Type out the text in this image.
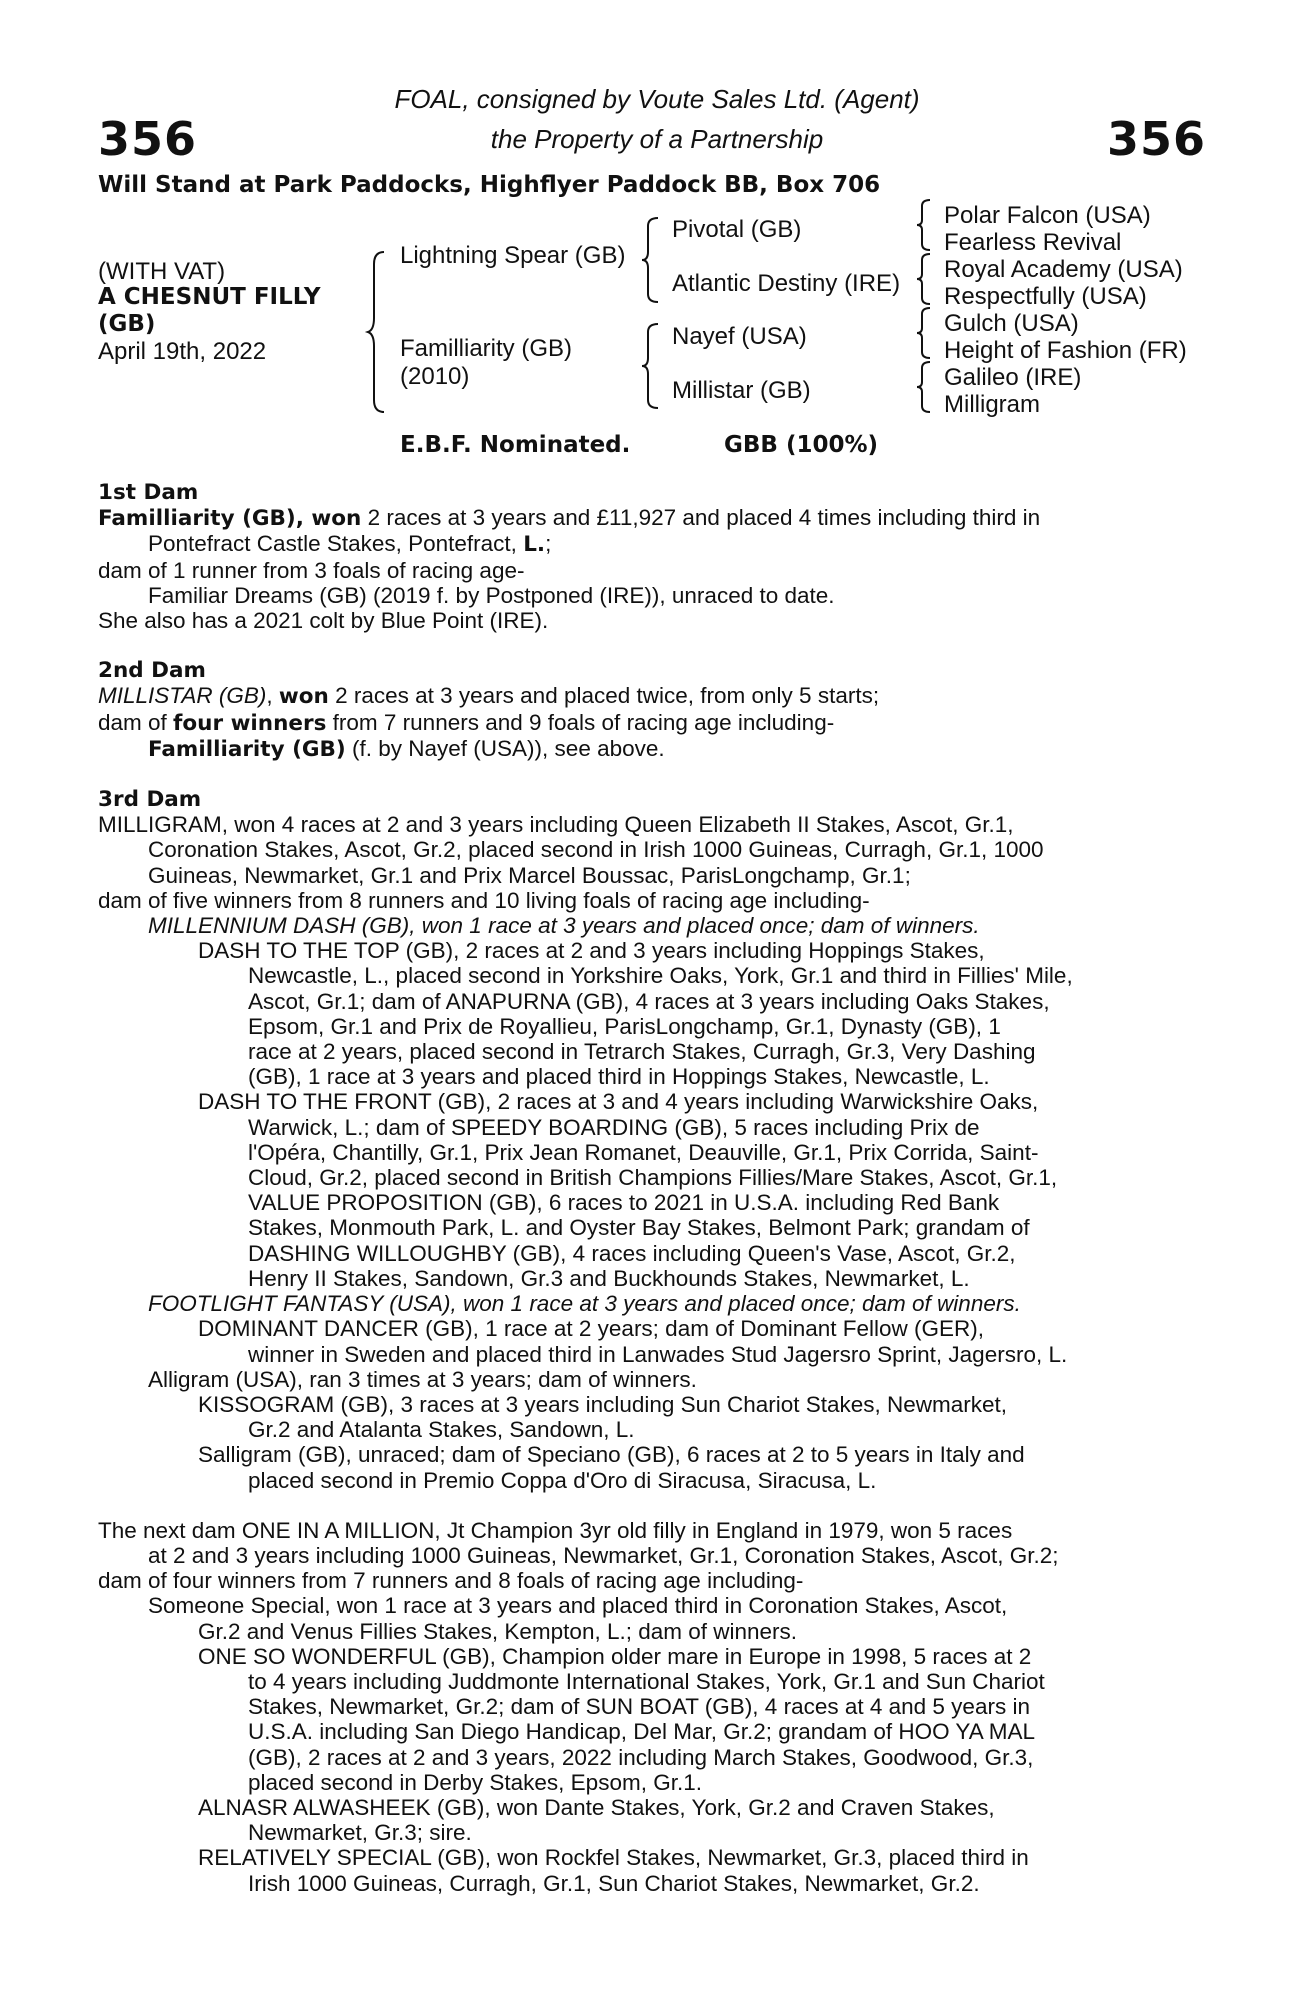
FOAL, consigned by Voute Sales Ltd. (Agent)
the Property of a Partnership
356	356
Will Stand at Park Paddocks, Highflyer Paddock BB, Box 706
(WITH VAT)
A CHESNUT FILLY
(GB)
April 19th, 2022
Lightning Spear (GB)
Familliarity (GB)
(2010)
Pivotal (GB)
Atlantic Destiny (IRE)
Nayef (USA)
Millistar (GB)
Polar Falcon (USA)
Fearless Revival
Royal Academy (USA)
Respectfully (USA)
Gulch (USA)
Height of Fashion (FR)
Galileo (IRE)
Milligram
E.B.F. Nominated.	GBB (100%)
1st Dam
Familliarity (GB), won 2 races at 3 years and £11,927 and placed 4 times including third in
Pontefract Castle Stakes, Pontefract, L.;
dam of 1 runner from 3 foals of racing age-
Familiar Dreams (GB) (2019 f. by Postponed (IRE)), unraced to date.
She also has a 2021 colt by Blue Point (IRE).
2nd Dam
MILLISTAR (GB), won 2 races at 3 years and placed twice, from only 5 starts;
dam of four winners from 7 runners and 9 foals of racing age including-
Familliarity (GB) (f. by Nayef (USA)), see above.
3rd Dam
MILLIGRAM, won 4 races at 2 and 3 years including Queen Elizabeth II Stakes, Ascot, Gr.1,
Coronation Stakes, Ascot, Gr.2, placed second in Irish 1000 Guineas, Curragh, Gr.1, 1000
Guineas, Newmarket, Gr.1 and Prix Marcel Boussac, ParisLongchamp, Gr.1;
dam of five winners from 8 runners and 10 living foals of racing age including-
MILLENNIUM DASH (GB), won 1 race at 3 years and placed once; dam of winners.
DASH TO THE TOP (GB), 2 races at 2 and 3 years including Hoppings Stakes,
Newcastle, L., placed second in Yorkshire Oaks, York, Gr.1 and third in Fillies' Mile,
Ascot, Gr.1; dam of ANAPURNA (GB), 4 races at 3 years including Oaks Stakes,
Epsom, Gr.1 and Prix de Royallieu, ParisLongchamp, Gr.1, Dynasty (GB), 1
race at 2 years, placed second in Tetrarch Stakes, Curragh, Gr.3, Very Dashing
(GB), 1 race at 3 years and placed third in Hoppings Stakes, Newcastle, L.
DASH TO THE FRONT (GB), 2 races at 3 and 4 years including Warwickshire Oaks,
Warwick, L.; dam of SPEEDY BOARDING (GB), 5 races including Prix de
l'Opéra, Chantilly, Gr.1, Prix Jean Romanet, Deauville, Gr.1, Prix Corrida, Saint-
Cloud, Gr.2, placed second in British Champions Fillies/Mare Stakes, Ascot, Gr.1,
VALUE PROPOSITION (GB), 6 races to 2021 in U.S.A. including Red Bank
Stakes, Monmouth Park, L. and Oyster Bay Stakes, Belmont Park; grandam of
DASHING WILLOUGHBY (GB), 4 races including Queen's Vase, Ascot, Gr.2,
Henry II Stakes, Sandown, Gr.3 and Buckhounds Stakes, Newmarket, L.
FOOTLIGHT FANTASY (USA), won 1 race at 3 years and placed once; dam of winners.
DOMINANT DANCER (GB), 1 race at 2 years; dam of Dominant Fellow (GER),
winner in Sweden and placed third in Lanwades Stud Jagersro Sprint, Jagersro, L.
Alligram (USA), ran 3 times at 3 years; dam of winners.
KISSOGRAM (GB), 3 races at 3 years including Sun Chariot Stakes, Newmarket,
Gr.2 and Atalanta Stakes, Sandown, L.
Salligram (GB), unraced; dam of Speciano (GB), 6 races at 2 to 5 years in Italy and
placed second in Premio Coppa d'Oro di Siracusa, Siracusa, L.
The next dam ONE IN A MILLION, Jt Champion 3yr old filly in England in 1979, won 5 races
at 2 and 3 years including 1000 Guineas, Newmarket, Gr.1, Coronation Stakes, Ascot, Gr.2;
dam of four winners from 7 runners and 8 foals of racing age including-
Someone Special, won 1 race at 3 years and placed third in Coronation Stakes, Ascot,
Gr.2 and Venus Fillies Stakes, Kempton, L.; dam of winners.
ONE SO WONDERFUL (GB), Champion older mare in Europe in 1998, 5 races at 2
to 4 years including Juddmonte International Stakes, York, Gr.1 and Sun Chariot
Stakes, Newmarket, Gr.2; dam of SUN BOAT (GB), 4 races at 4 and 5 years in
U.S.A. including San Diego Handicap, Del Mar, Gr.2; grandam of HOO YA MAL
(GB), 2 races at 2 and 3 years, 2022 including March Stakes, Goodwood, Gr.3,
placed second in Derby Stakes, Epsom, Gr.1.
ALNASR ALWASHEEK (GB), won Dante Stakes, York, Gr.2 and Craven Stakes,
Newmarket, Gr.3; sire.
RELATIVELY SPECIAL (GB), won Rockfel Stakes, Newmarket, Gr.3, placed third in
Irish 1000 Guineas, Curragh, Gr.1, Sun Chariot Stakes, Newmarket, Gr.2.
